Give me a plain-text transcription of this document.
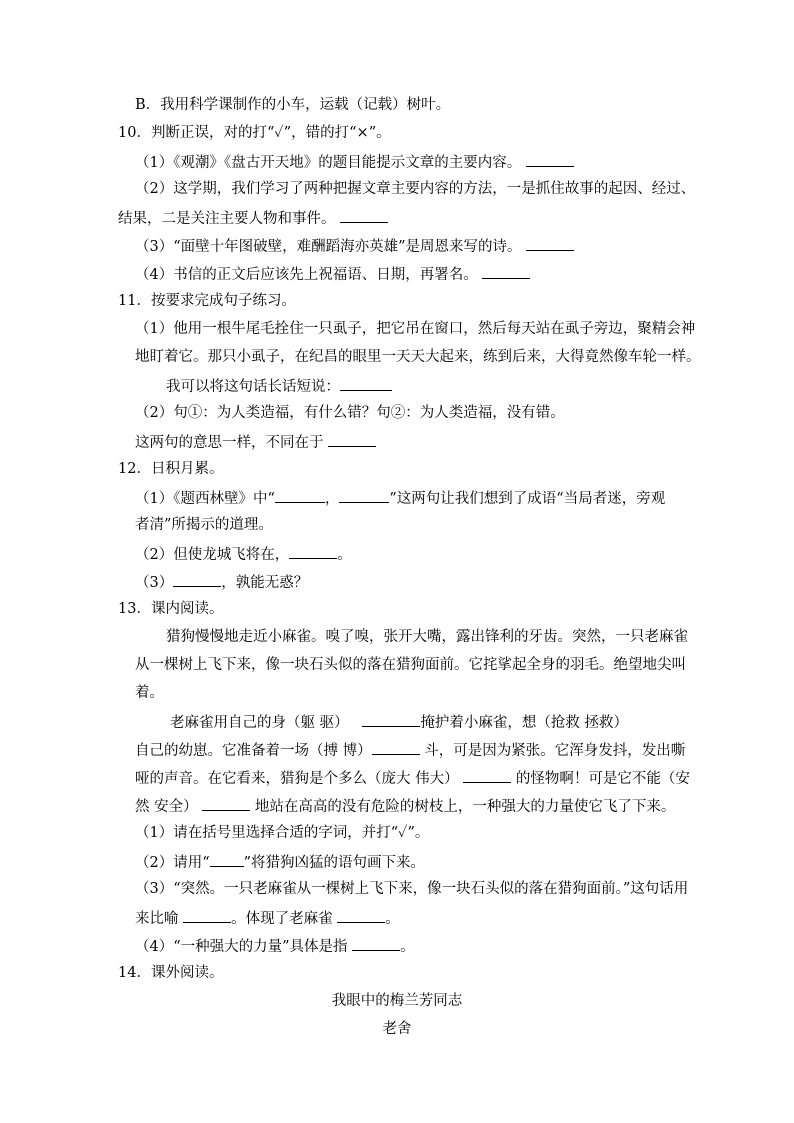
B．我用科学课制作的小车，运载（记载）树叶。
10．判断正误，对的打“✓”，错的打“×”。
（1）《观潮》《盘古开天地》的题目能提示文章的主要内容。
（2）这学期，我们学习了两种把握文章主要内容的方法，一是抓住故事的起因、经过、
结果，二是关注主要人物和事件。
（3）“面壁十年图破壁，难酬蹈海亦英雄”是周恩来写的诗。
（4）书信的正文后应该先上祝福语、日期，再署名。
11．按要求完成句子练习。
（1）他用一根牛尾毛拴住一只虱子，把它吊在窗口，然后每天站在虱子旁边，聚精会神
地盯着它。那只小虱子，在纪昌的眼里一天天大起来，练到后来，大得竟然像车轮一样。
我可以将这句话长话短说：
（2）句①：为人类造福，有什么错？句②：为人类造福，没有错。
这两句的意思一样，不同在于
12．日积月累。
（1）《题西林壁》中“	，	”这两句让我们想到了成语“当局者迷，旁观
者清”所揭示的道理。
（2）但使龙城飞将在，	。
（3）	，孰能无惑？
13．课内阅读。
猎狗慢慢地走近小麻雀。嗅了嗅，张开大嘴，露出锋利的牙齿。突然，一只老麻雀
从一棵树上飞下来，像一块石头似的落在猎狗面前。它挓挲起全身的羽毛。绝望地尖叫
着。
老麻雀用自己的身（躯 驱）	掩护着小麻雀，想（抢救 拯救）
自己的幼崽。它准备着一场（搏 博）	斗，可是因为紧张。它浑身发抖，发出嘶
哑的声音。在它看来，猎狗是个多么（庞大 伟大）	的怪物啊！可是它不能（安
然 安全）	地站在高高的没有危险的树枝上，一种强大的力量使它飞了下来。
（1）请在括号里选择合适的字词，并打“✓”。
（2）请用“ ”将猎狗凶猛的语句画下来。
（3）“突然。一只老麻雀从一棵树上飞下来，像一块石头似的落在猎狗面前。”这句话用
来比喻	。体现了老麻雀	。
（4）“一种强大的力量”具体是指	。
14．课外阅读。
我眼中的梅兰芳同志
老舍
